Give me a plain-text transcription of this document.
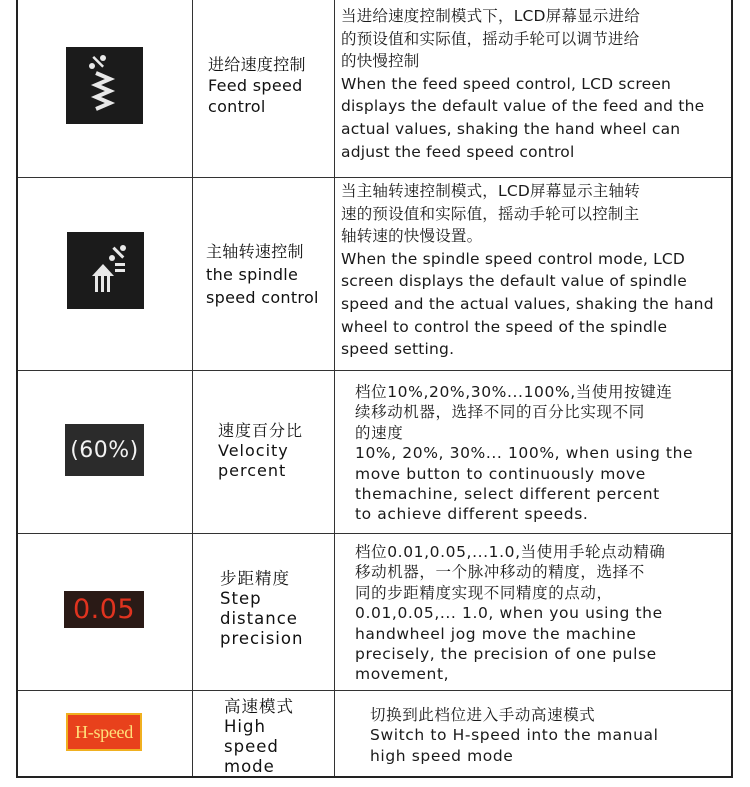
进给速度控制
Feed speed
control
当进给速度控制模式下，LCD屏幕显示进给
的预设值和实际值，摇动手轮可以调节进给
的快慢控制
When the feed speed control, LCD screen
displays the default value of the feed and the
actual values, shaking the hand wheel can
adjust the feed speed control
主轴转速控制
the spindle
speed control
当主轴转速控制模式，LCD屏幕显示主轴转
速的预设值和实际值，摇动手轮可以控制主
轴转速的快慢设置。
When the spindle speed control mode, LCD
screen displays the default value of spindle
speed and the actual values, shaking the hand
wheel to control the speed of the spindle
speed setting.
(60%)
速度百分比
Velocity
percent
档位10%,20%,30%...100%,当使用按键连
续移动机器，选择不同的百分比实现不同
的速度
10%, 20%, 30%... 100%, when using the
move button to continuously move
themachine, select different percent
to achieve different speeds.
0.05
步距精度
Step
distance
precision
档位0.01,0.05,...1.0,当使用手轮点动精确
移动机器，一个脉冲移动的精度，选择不
同的步距精度实现不同精度的点动，
0.01,0.05,... 1.0, when you using the
handwheel jog move the machine
precisely, the precision of one pulse
movement,
H-speed
高速模式
High
speed
mode
切换到此档位进入手动高速模式
Switch to H-speed into the manual
high speed mode
